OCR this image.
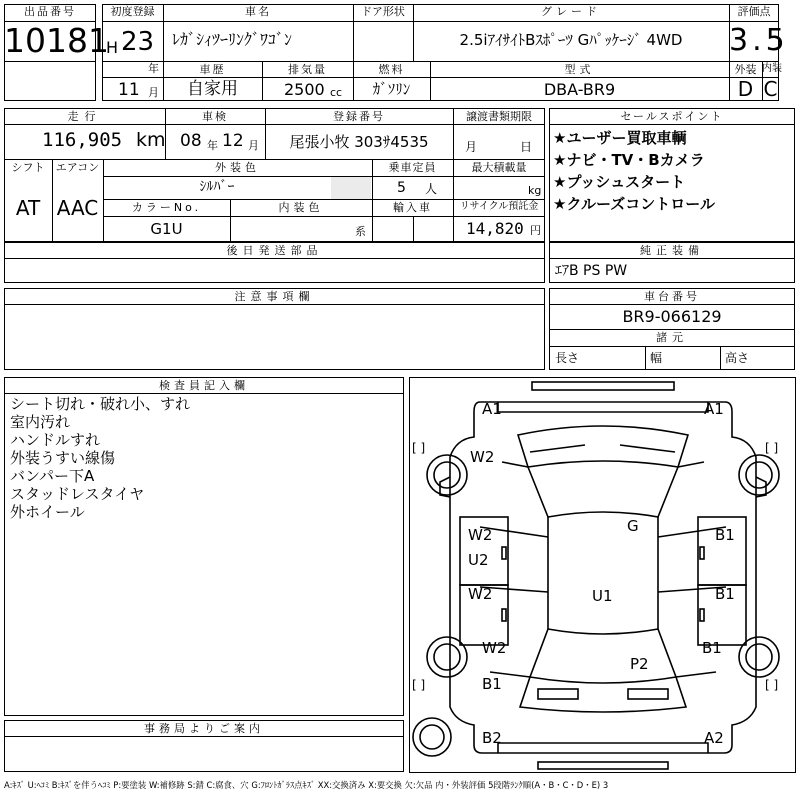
出品番号
10181
初度登録
H 23
年
11 月
車名
ﾚｶﾞｼｨﾂｰﾘﾝｸﾞﾜｺﾞﾝ
ドア形状	グレード
2.5iｱｲｻｲﾄBｽﾎﾟｰﾂ Gﾊﾟｯｹｰｼﾞ 4WD
評価点
3.5
車歴
自家用
排気量
2500 cc
燃料
ｶﾞｿﾘﾝ
型式
DBA-BR9
外装 内装
D C
走行
116,905 km
車検
08 年 12 月
登録番号
尾張小牧 303ｻ4535
譲渡書類期限
月	日
シフト
AT
エアコン
AAC
外装色
ｼﾙﾊﾞｰ
乗車定員
5 人
最大積載量
kg
カラーNo.
G1U
内装色
系
輸入車	リサイクル預託金
14,820 円
セールスポイント
★ユーザー買取車輌
★ナビ・TV・Bカメラ
★プッシュスタート
★クルーズコントロール
後日発送部品	純正装備
ｴｱB PS PW
注意事項欄	車台番号
BR9-066129
諸元
長さ	幅	高さ
検査員記入欄
シート切れ・破れ小、すれ
室内汚れ
ハンドルすれ
外装うすい線傷
バンパー下A
スタッドレスタイヤ
外ホイール
事務局よりご案内
A1	A1
[ ]	[ ]
[ ]	[ ]
W2
G
W2
U2
B1
W2	U1	B1
W2	B1
P2
B1
B2	A2
A:ｷｽﾞ U:ﾍｺﾐ B:ｷｽﾞを伴うﾍｺﾐ P:要塗装 W:補修跡 S:錆 C:腐食、穴 G:ﾌﾛﾝﾄｶﾞﾗｽ点ｷｽﾞ XX:交換済み X:要交換 欠:欠品 内・外装評価 5段階ﾗﾝｸ順(A・B・C・D・E) 3
